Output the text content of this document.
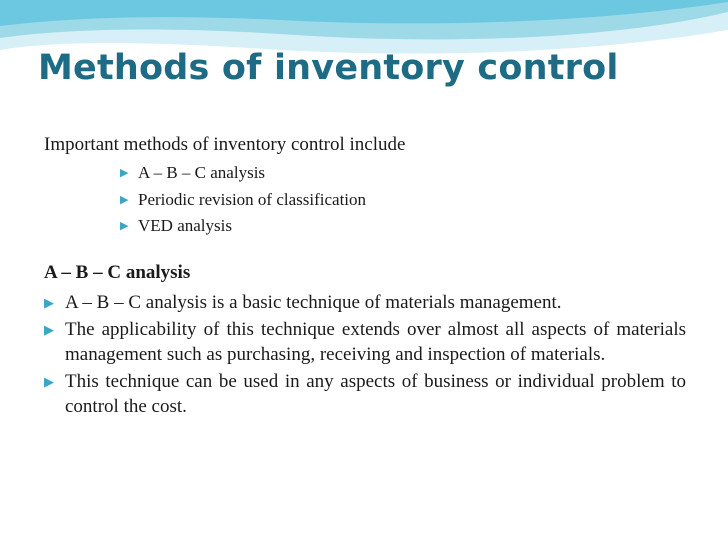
Methods of inventory control
Important methods of inventory control include
▶ A – B – C analysis
▶ Periodic revision of classification
▶ VED analysis
A – B – C analysis
▶ A – B – C analysis is a basic technique of materials management.
▶ The applicability of this technique extends over almost all aspects of materials management such as purchasing, receiving and inspection of materials.
▶ This technique can be used in any aspects of business or individual problem to control the cost.
